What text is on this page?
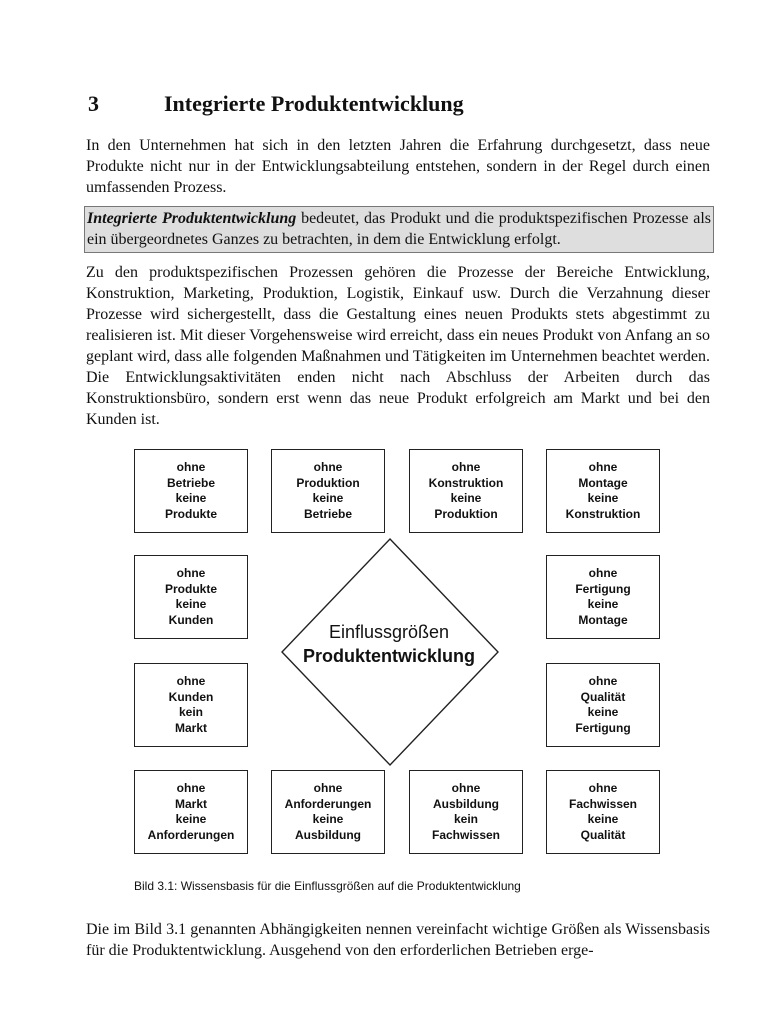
3	Integrierte Produktentwicklung

In den Unternehmen hat sich in den letzten Jahren die Erfahrung durchgesetzt, dass neue Produkte nicht nur in der Entwicklungsabteilung entstehen, sondern in der Regel durch einen umfassenden Prozess.

Integrierte Produktentwicklung bedeutet, das Produkt und die produktspezifischen Prozesse als ein übergeordnetes Ganzes zu betrachten, in dem die Entwicklung erfolgt.

Zu den produktspezifischen Prozessen gehören die Prozesse der Bereiche Entwicklung, Konstruktion, Marketing, Produktion, Logistik, Einkauf usw. Durch die Verzahnung dieser Prozesse wird sichergestellt, dass die Gestaltung eines neuen Produkts stets abgestimmt zu realisieren ist. Mit dieser Vorgehensweise wird erreicht, dass ein neues Produkt von Anfang an so geplant wird, dass alle folgenden Maßnahmen und Tätigkeiten im Unternehmen beachtet werden. Die Entwicklungsaktivitäten enden nicht nach Abschluss der Arbeiten durch das Konstruktionsbüro, sondern erst wenn das neue Produkt erfolgreich am Markt und bei den Kunden ist.

ohne
Betriebe
keine
Produkte
ohne
Produktion
keine
Betriebe
ohne
Konstruktion
keine
Produktion
ohne
Montage
keine
Konstruktion
ohne
Produkte
keine
Kunden
ohne
Kunden
kein
Markt
ohne
Fertigung
keine
Montage
ohne
Qualität
keine
Fertigung
ohne
Markt
keine
Anforderungen
ohne
Anforderungen
keine
Ausbildung
ohne
Ausbildung
kein
Fachwissen
ohne
Fachwissen
keine
Qualität
Einflussgrößen
Produktentwicklung
Bild 3.1: Wissensbasis für die Einflussgrößen auf die Produktentwicklung

Die im Bild 3.1 genannten Abhängigkeiten nennen vereinfacht wichtige Größen als Wissensbasis für die Produktentwicklung. Ausgehend von den erforderlichen Betrieben erge-
